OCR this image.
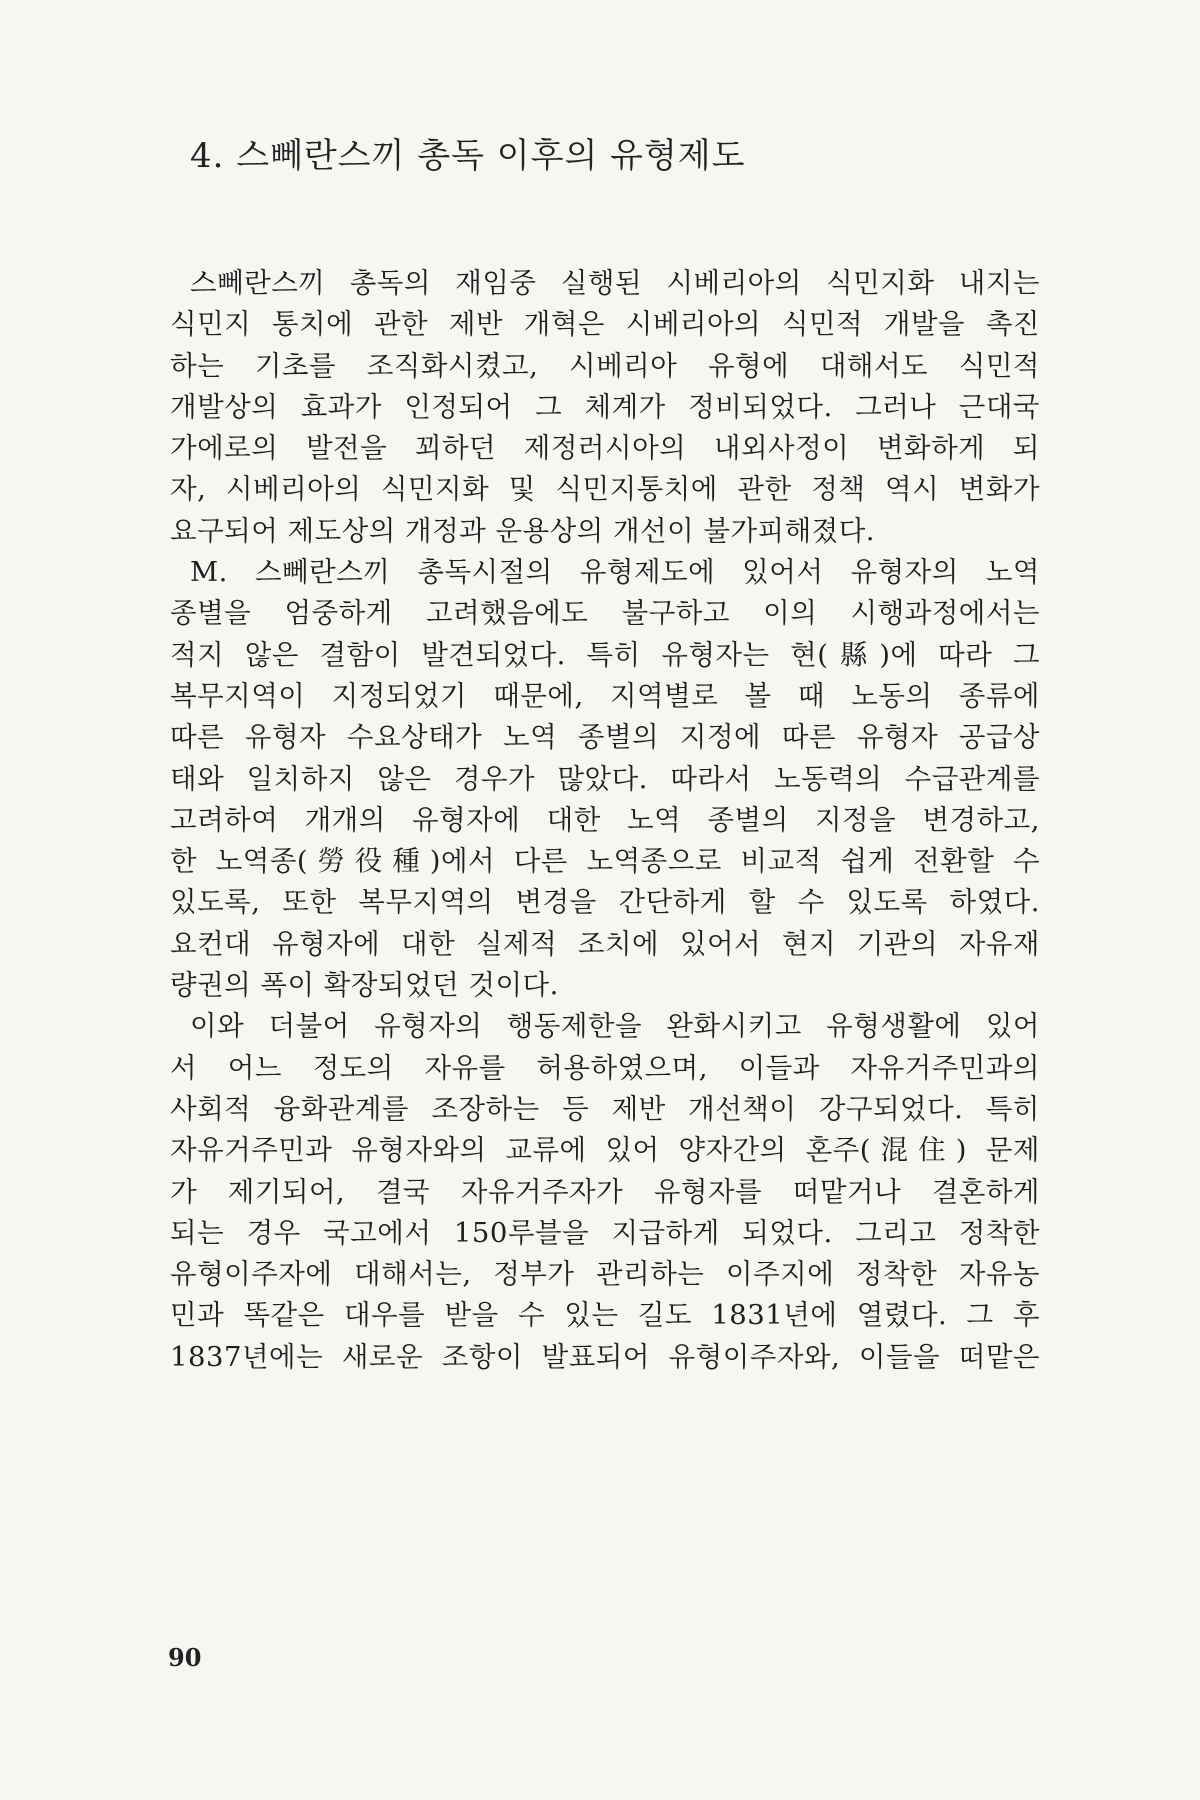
4. 스뻬란스끼 총독 이후의 유형제도
스뻬란스끼 총독의 재임중 실행된 시베리아의 식민지화 내지는
식민지 통치에 관한 제반 개혁은 시베리아의 식민적 개발을 촉진
하는 기초를 조직화시켰고, 시베리아 유형에 대해서도 식민적
개발상의 효과가 인정되어 그 체계가 정비되었다. 그러나 근대국
가에로의 발전을 꾀하던 제정러시아의 내외사정이 변화하게 되
자, 시베리아의 식민지화 및 식민지통치에 관한 정책 역시 변화가
요구되어 제도상의 개정과 운용상의 개선이 불가피해졌다.
M. 스뻬란스끼 총독시절의 유형제도에 있어서 유형자의 노역
종별을 엄중하게 고려했음에도 불구하고 이의 시행과정에서는
적지 않은 결함이 발견되었다. 특히 유형자는 현(縣)에 따라 그
복무지역이 지정되었기 때문에, 지역별로 볼 때 노동의 종류에
따른 유형자 수요상태가 노역 종별의 지정에 따른 유형자 공급상
태와 일치하지 않은 경우가 많았다. 따라서 노동력의 수급관계를
고려하여 개개의 유형자에 대한 노역 종별의 지정을 변경하고,
한 노역종(勞役種)에서 다른 노역종으로 비교적 쉽게 전환할 수
있도록, 또한 복무지역의 변경을 간단하게 할 수 있도록 하였다.
요컨대 유형자에 대한 실제적 조치에 있어서 현지 기관의 자유재
량권의 폭이 확장되었던 것이다.
이와 더불어 유형자의 행동제한을 완화시키고 유형생활에 있어
서 어느 정도의 자유를 허용하였으며, 이들과 자유거주민과의
사회적 융화관계를 조장하는 등 제반 개선책이 강구되었다. 특히
자유거주민과 유형자와의 교류에 있어 양자간의 혼주(混住) 문제
가 제기되어, 결국 자유거주자가 유형자를 떠맡거나 결혼하게
되는 경우 국고에서 150루블을 지급하게 되었다. 그리고 정착한
유형이주자에 대해서는, 정부가 관리하는 이주지에 정착한 자유농
민과 똑같은 대우를 받을 수 있는 길도 1831년에 열렸다. 그 후
1837년에는 새로운 조항이 발표되어 유형이주자와, 이들을 떠맡은
90
